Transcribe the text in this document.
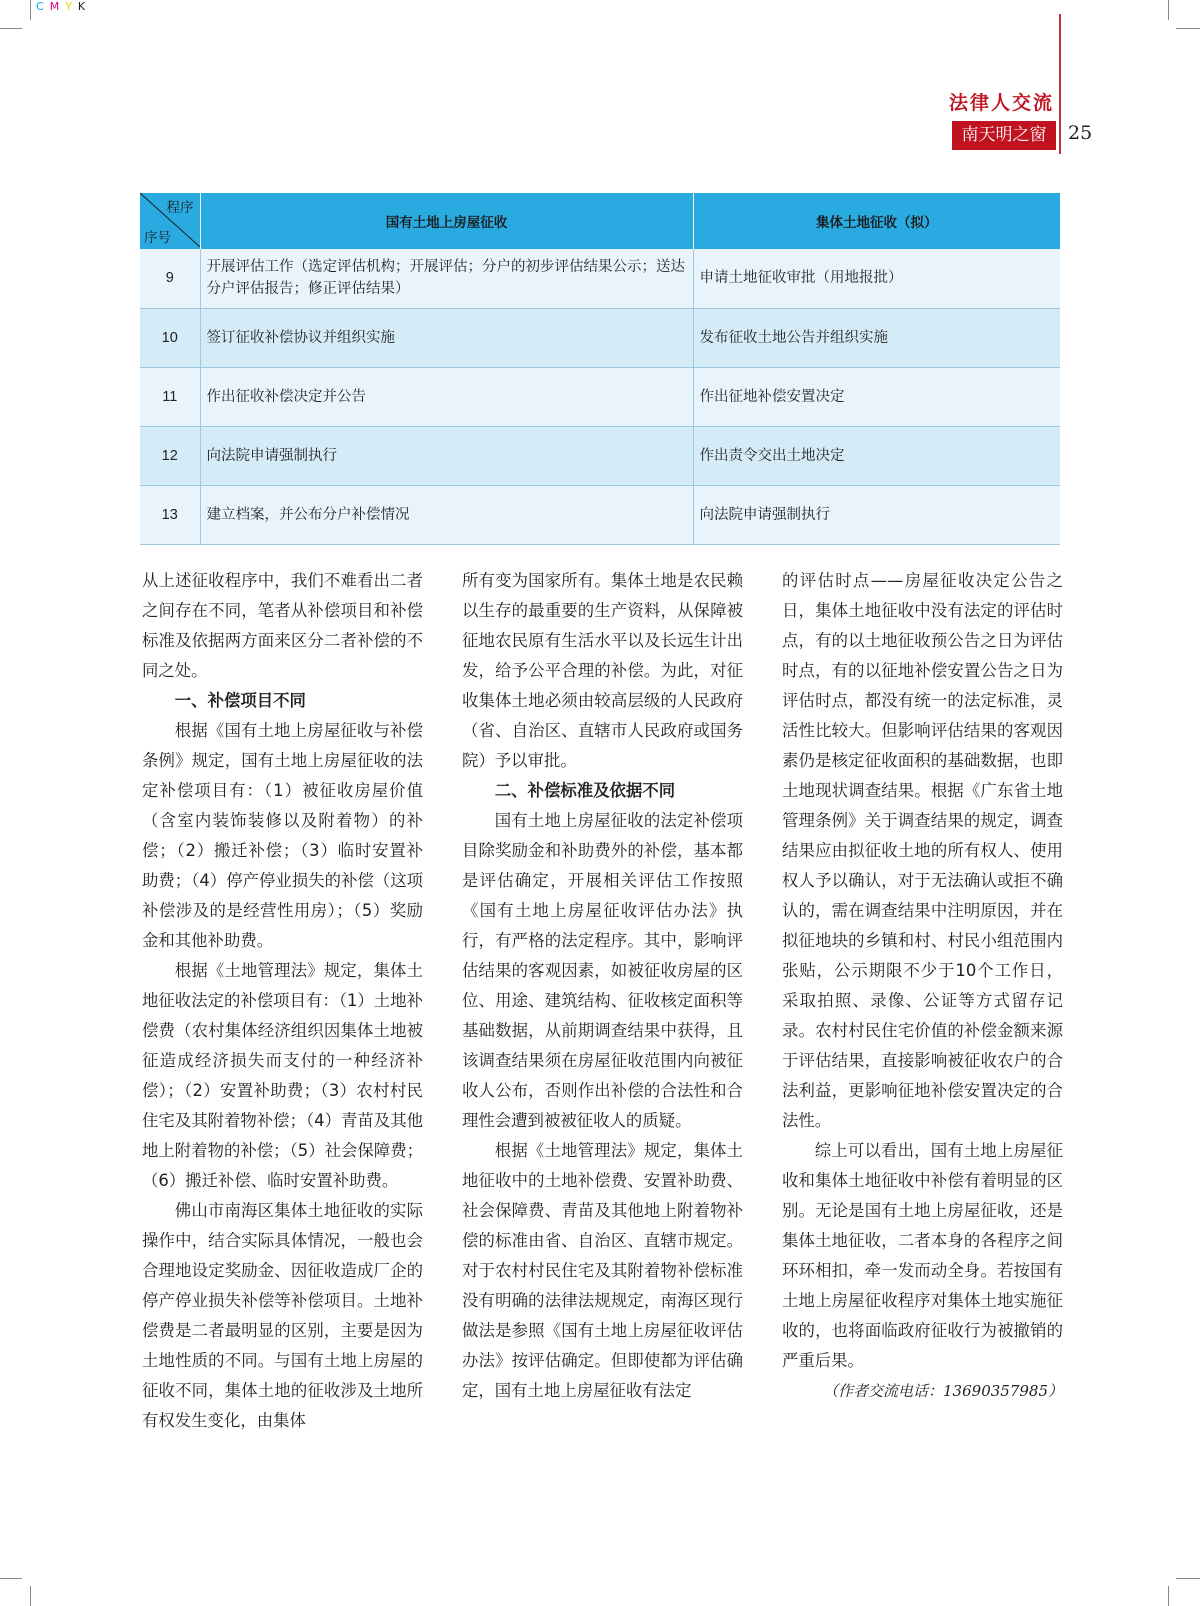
CMYK
法律人交流
南天明之窗	25
程序
序号	国有土地上房屋征收	集体土地征收（拟）
9	开展评估工作（选定评估机构；开展评估；分户的初步评估结果公示；送达分户评估报告；修正评估结果）	申请土地征收审批（用地报批）
10	签订征收补偿协议并组织实施	发布征收土地公告并组织实施
11	作出征收补偿决定并公告	作出征地补偿安置决定
12	向法院申请强制执行	作出责令交出土地决定
13	建立档案，并公布分户补偿情况	向法院申请强制执行

从上述征收程序中，我们不难看出二者之间存在不同，笔者从补偿项目和补偿标准及依据两方面来区分二者补偿的不同之处。

一、补偿项目不同

根据《国有土地上房屋征收与补偿条例》规定，国有土地上房屋征收的法定补偿项目有：（1）被征收房屋价值（含室内装饰装修以及附着物）的补偿；（2）搬迁补偿；（3）临时安置补助费；（4）停产停业损失的补偿（这项补偿涉及的是经营性用房）；（5）奖励金和其他补助费。

根据《土地管理法》规定，集体土地征收法定的补偿项目有：（1）土地补偿费（农村集体经济组织因集体土地被征造成经济损失而支付的一种经济补偿）；（2）安置补助费；（3）农村村民住宅及其附着物补偿；（4）青苗及其他地上附着物的补偿；（5）社会保障费；（6）搬迁补偿、临时安置补助费。

佛山市南海区集体土地征收的实际操作中，结合实际具体情况，一般也会合理地设定奖励金、因征收造成厂企的停产停业损失补偿等补偿项目。土地补偿费是二者最明显的区别，主要是因为土地性质的不同。与国有土地上房屋的征收不同，集体土地的征收涉及土地所有权发生变化，由集体

所有变为国家所有。集体土地是农民赖以生存的最重要的生产资料，从保障被征地农民原有生活水平以及长远生计出发，给予公平合理的补偿。为此，对征收集体土地必须由较高层级的人民政府（省、自治区、直辖市人民政府或国务院）予以审批。

二、补偿标准及依据不同

国有土地上房屋征收的法定补偿项目除奖励金和补助费外的补偿，基本都是评估确定，开展相关评估工作按照《国有土地上房屋征收评估办法》执行，有严格的法定程序。其中，影响评估结果的客观因素，如被征收房屋的区位、用途、建筑结构、征收核定面积等基础数据，从前期调查结果中获得，且该调查结果须在房屋征收范围内向被征收人公布，否则作出补偿的合法性和合理性会遭到被被征收人的质疑。

根据《土地管理法》规定，集体土地征收中的土地补偿费、安置补助费、社会保障费、青苗及其他地上附着物补偿的标准由省、自治区、直辖市规定。对于农村村民住宅及其附着物补偿标准没有明确的法律法规规定，南海区现行做法是参照《国有土地上房屋征收评估办法》按评估确定。但即使都为评估确定，国有土地上房屋征收有法定

的评估时点——房屋征收决定公告之日，集体土地征收中没有法定的评估时点，有的以土地征收预公告之日为评估时点，有的以征地补偿安置公告之日为评估时点，都没有统一的法定标准，灵活性比较大。但影响评估结果的客观因素仍是核定征收面积的基础数据，也即土地现状调查结果。根据《广东省土地管理条例》关于调查结果的规定，调查结果应由拟征收土地的所有权人、使用权人予以确认，对于无法确认或拒不确认的，需在调查结果中注明原因，并在拟征地块的乡镇和村、村民小组范围内张贴，公示期限不少于10个工作日，采取拍照、录像、公证等方式留存记录。农村村民住宅价值的补偿金额来源于评估结果，直接影响被征收农户的合法利益，更影响征地补偿安置决定的合法性。

综上可以看出，国有土地上房屋征收和集体土地征收中补偿有着明显的区别。无论是国有土地上房屋征收，还是集体土地征收，二者本身的各程序之间环环相扣，牵一发而动全身。若按国有土地上房屋征收程序对集体土地实施征收的，也将面临政府征收行为被撤销的严重后果。

（作者交流电话：13690357985）
